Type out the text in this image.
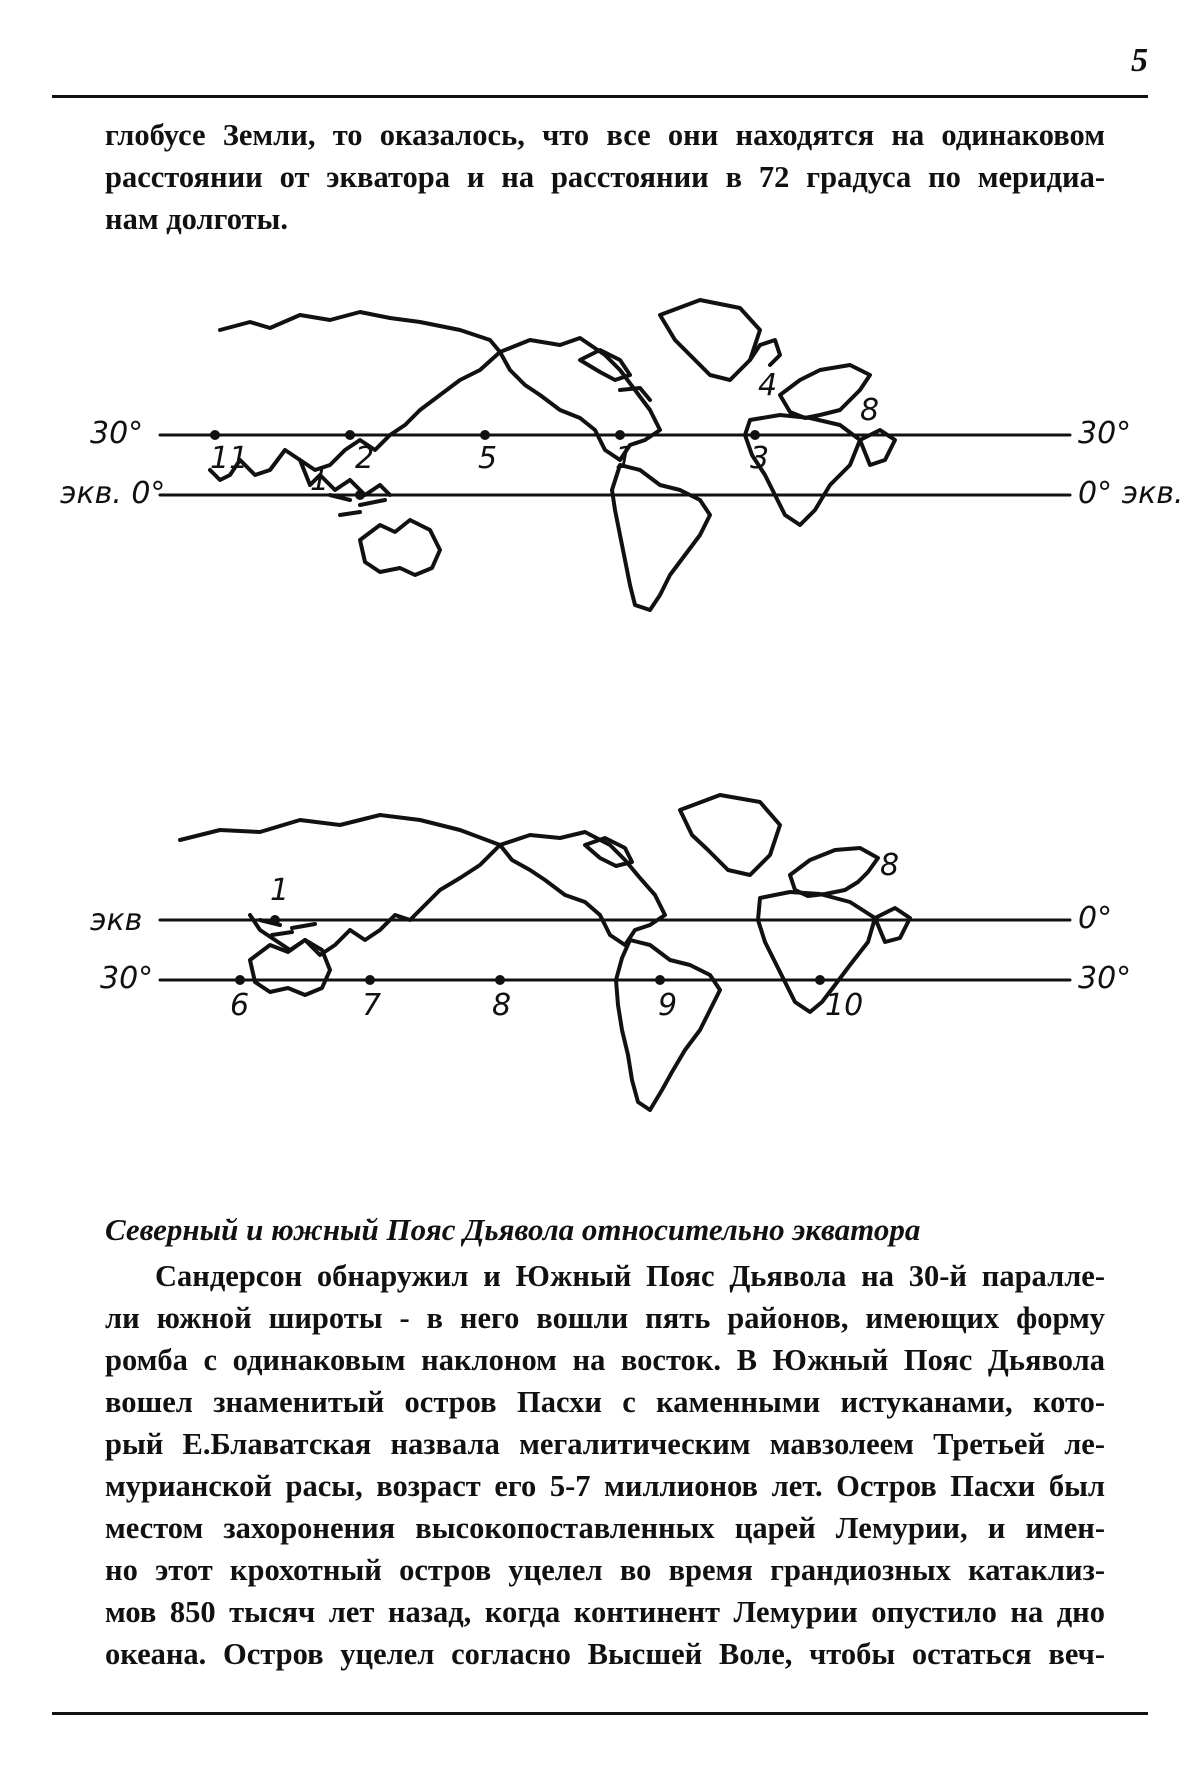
5
глобусе Земли, то оказалось, что все они находятся на одинаковом
расстоянии от экватора и на расстоянии в 72 градуса по меридиа-
нам долготы.
11
1
2	5	1	3
4
8
30°
экв. 0°
30°
0° экв.
1
6	7	8	9	10
8
экв
30°
0°
30°
Северный и южный Пояс Дьявола относительно экватора
Сандерсон обнаружил и Южный Пояс Дьявола на 30-й паралле-
ли южной широты - в него вошли пять районов, имеющих форму
ромба с одинаковым наклоном на восток. В Южный Пояс Дьявола
вошел знаменитый остров Пасхи с каменными истуканами, кото-
рый Е.Блаватская назвала мегалитическим мавзолеем Третьей ле-
мурианской расы, возраст его 5-7 миллионов лет. Остров Пасхи был
местом захоронения высокопоставленных царей Лемурии, и имен-
но этот крохотный остров уцелел во время грандиозных катаклиз-
мов 850 тысяч лет назад, когда континент Лемурии опустило на дно
океана. Остров уцелел согласно Высшей Воле, чтобы остаться веч-
